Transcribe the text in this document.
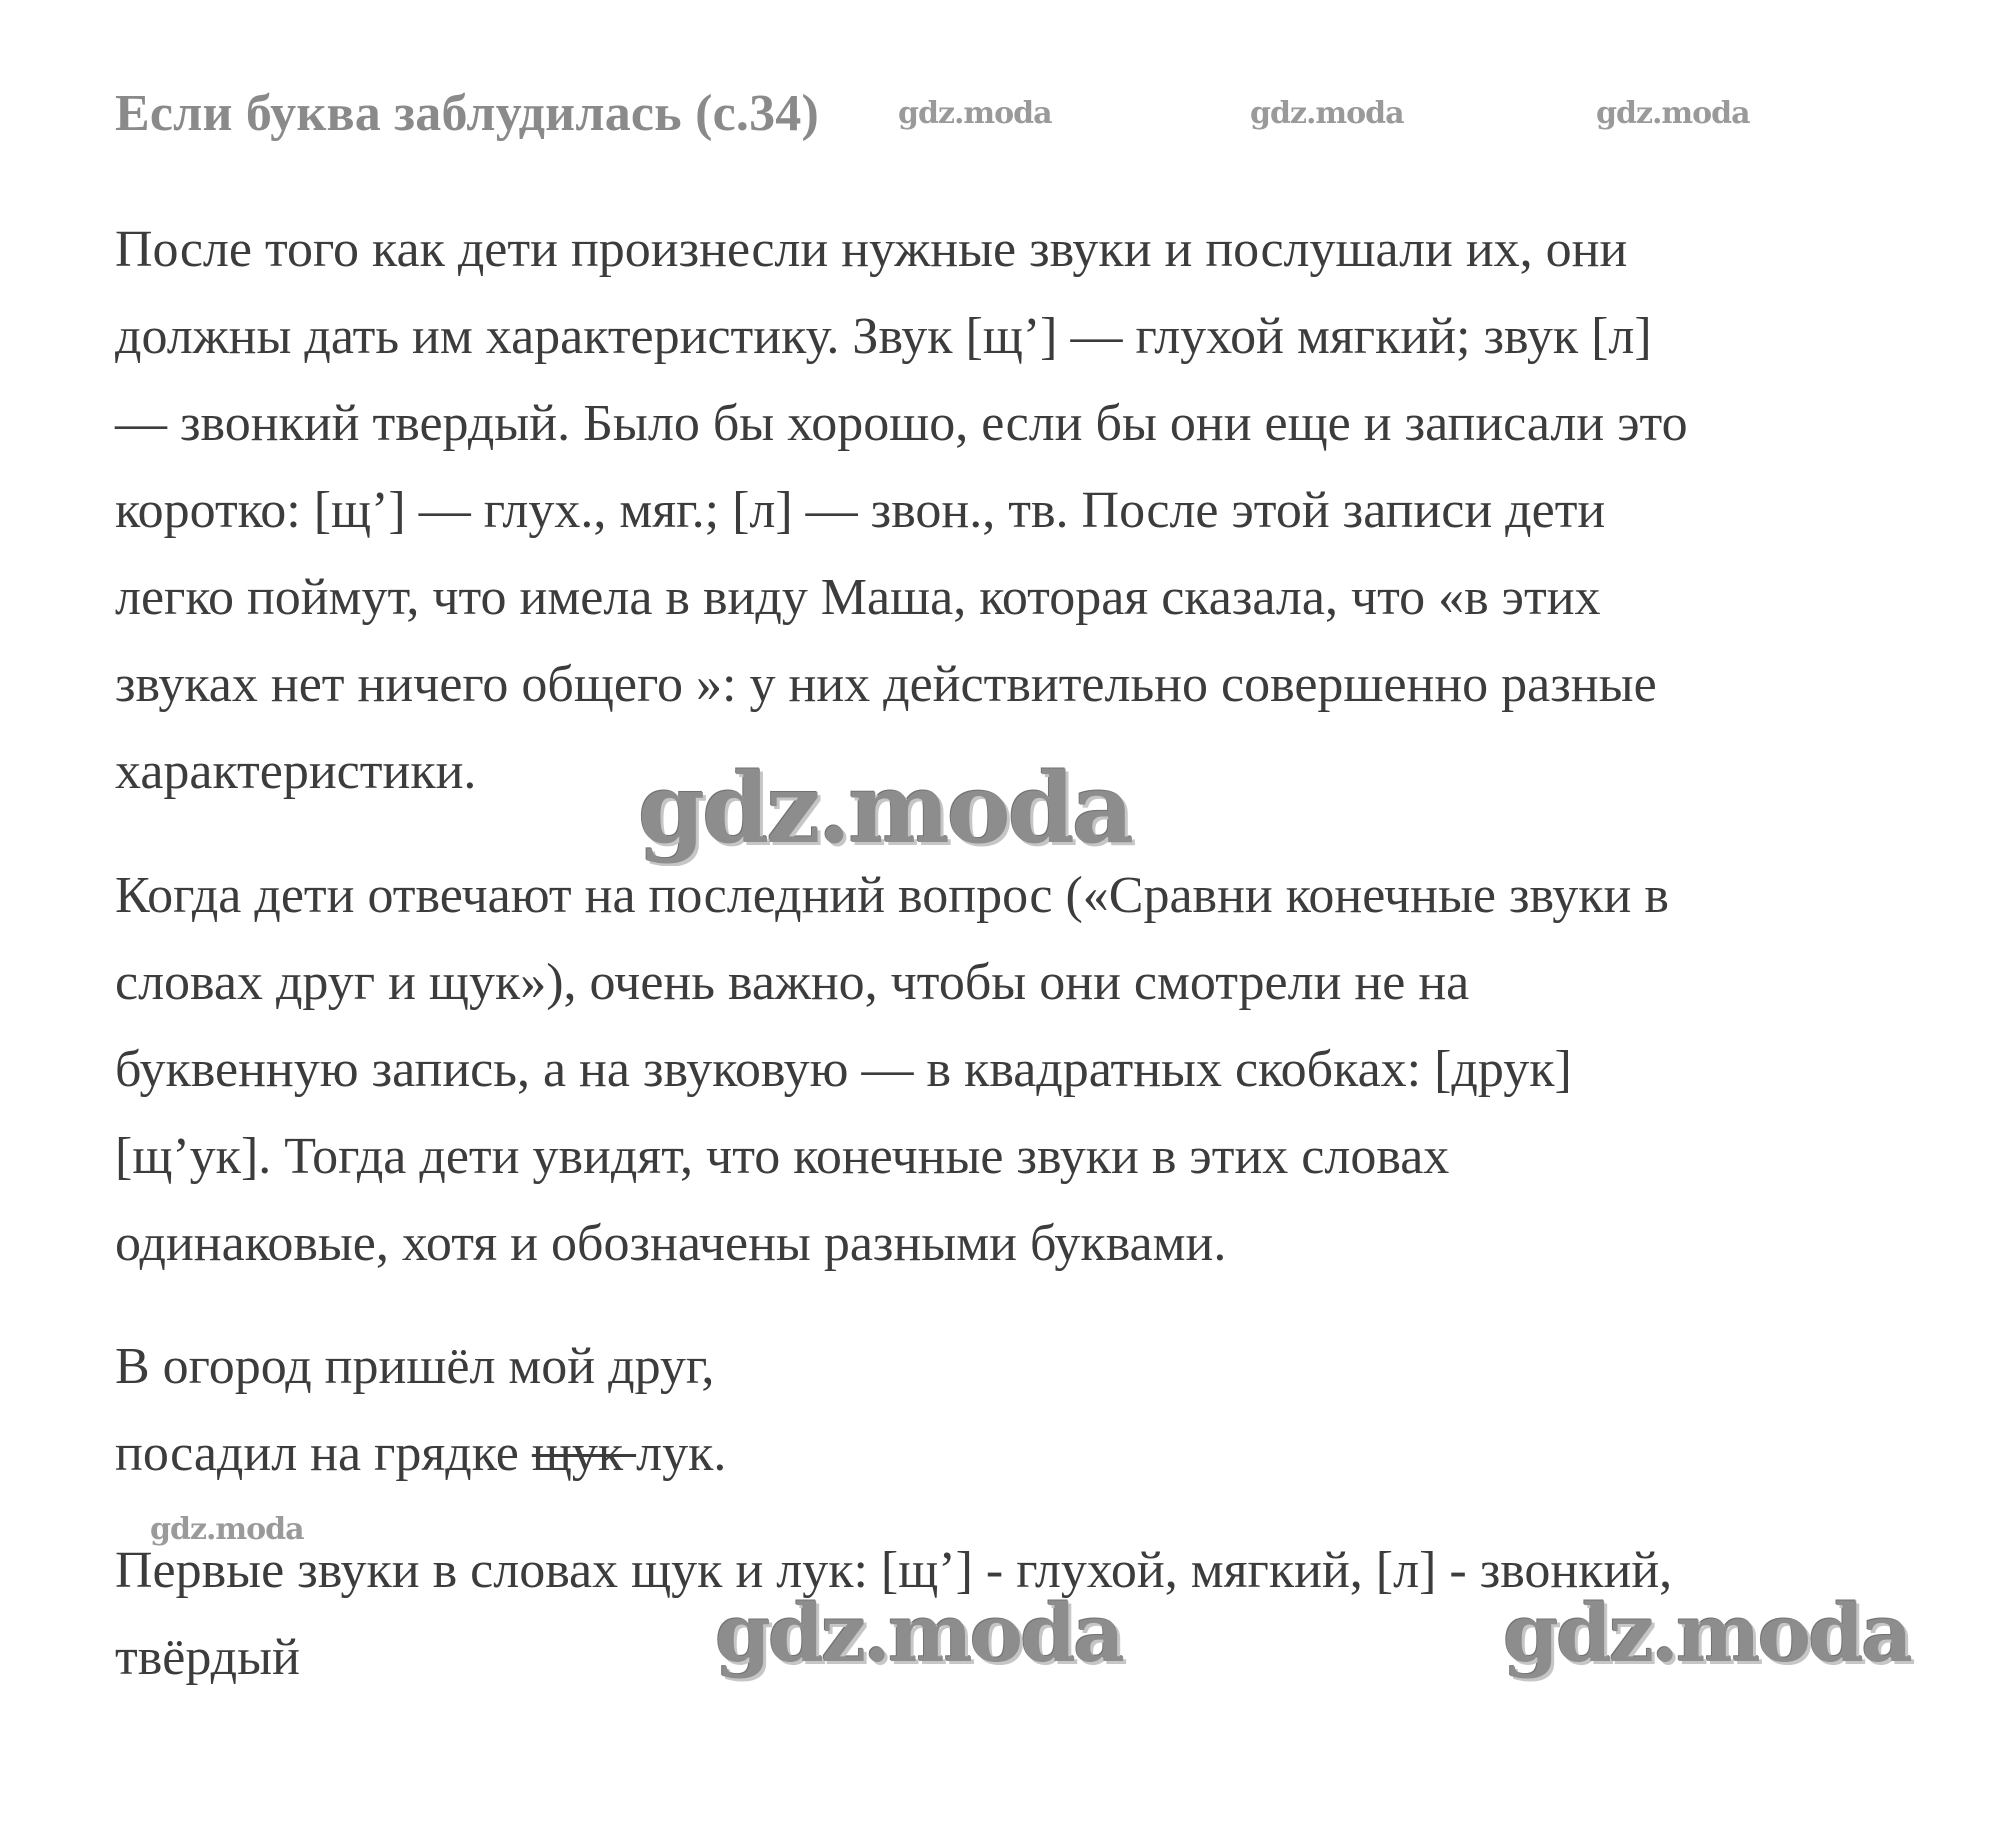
Если буква заблудилась (с.34)	gdz.moda	gdz.moda	gdz.moda
После того как дети произнесли нужные звуки и послушали их, они
должны дать им характеристику. Звук [щ’] — глухой мягкий; звук [л]
— звонкий твердый. Было бы хорошо, если бы они еще и записали это
коротко: [щ’] — глух., мяг.; [л] — звон., тв. После этой записи дети
легко поймут, что имела в виду Маша, которая сказала, что «в этих
звуках нет ничего общего »: у них действительно совершенно разные
характеристики.	gdz.moda
Когда дети отвечают на последний вопрос («Сравни конечные звуки в
словах друг и щук»), очень важно, чтобы они смотрели не на
буквенную запись, а на звуковую — в квадратных скобках: [друк]
[щ’ук]. Тогда дети увидят, что конечные звуки в этих словах
одинаковые, хотя и обозначены разными буквами.
В огород пришёл мой друг,
посадил на грядке щук лук.
gdz.moda
Первые звуки в словах щук и лук: [щ’] - глухой, мягкий, [л] - звонкий,
твёрдый	gdz.moda	gdz.moda
